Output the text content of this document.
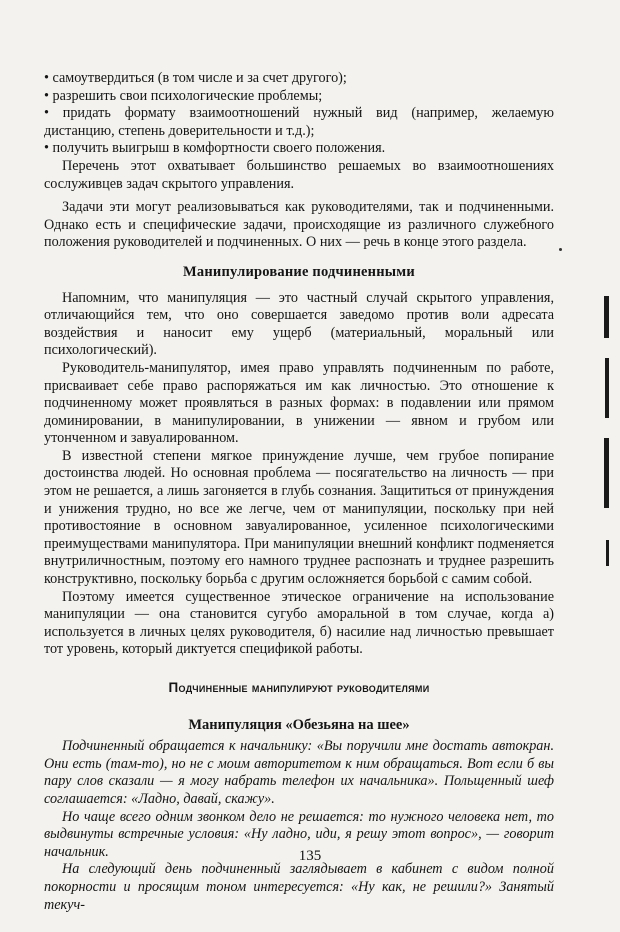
• самоутвердиться (в том числе и за счет другого);

• разрешить свои психологические проблемы;

• придать формату взаимоотношений нужный вид (например, желаемую дистанцию, степень доверительности и т.д.);

• получить выигрыш в комфортности своего положения.

Перечень этот охватывает большинство решаемых во взаимоотношениях сослуживцев задач скрытого управления.

Задачи эти могут реализовываться как руководителями, так и подчиненными. Однако есть и специфические задачи, происходящие из различного служебного положения руководителей и подчиненных. О них — речь в конце этого раздела.

Манипулирование подчиненными

Напомним, что манипуляция — это частный случай скрытого управления, отличающийся тем, что оно совершается заведомо против воли адресата воздействия и наносит ему ущерб (материальный, моральный или психологический).

Руководитель-манипулятор, имея право управлять подчиненным по работе, присваивает себе право распоряжаться им как личностью. Это отношение к подчиненному может проявляться в разных формах: в подавлении или прямом доминировании, в манипулировании, в унижении — явном и грубом или утонченном и завуалированном.

В известной степени мягкое принуждение лучше, чем грубое попирание достоинства людей. Но основная проблема — посягательство на личность — при этом не решается, а лишь загоняется в глубь сознания. Защититься от принуждения и унижения трудно, но все же легче, чем от манипуляции, поскольку при ней противостояние в основном завуалированное, усиленное психологическими преимуществами манипулятора. При манипуляции внешний конфликт подменяется внутриличностным, поэтому его намного труднее распознать и труднее разрешить конструктивно, поскольку борьба с другим осложняется борьбой с самим собой.

Поэтому имеется существенное этическое ограничение на использование манипуляции — она становится сугубо аморальной в том случае, когда а) используется в личных целях руководителя, б) насилие над личностью превышает тот уровень, который диктуется спецификой работы.

Подчиненные манипулируют руководителями
Манипуляция «Обезьяна на шее»

Подчиненный обращается к начальнику: «Вы поручили мне достать автокран. Они есть (там-то), но не с моим авторитетом к ним обращаться. Вот если б вы пару слов сказали — я могу набрать телефон их начальника». Польщенный шеф соглашается: «Ладно, давай, скажу».

Но чаще всего одним звонком дело не решается: то нужного человека нет, то выдвинуты встречные условия: «Ну ладно, иди, я решу этот вопрос», — говорит начальник.

На следующий день подчиненный заглядывает в кабинет с видом полной покорности и просящим тоном интересуется: «Ну как, не решили?» Занятый текуч-

135
